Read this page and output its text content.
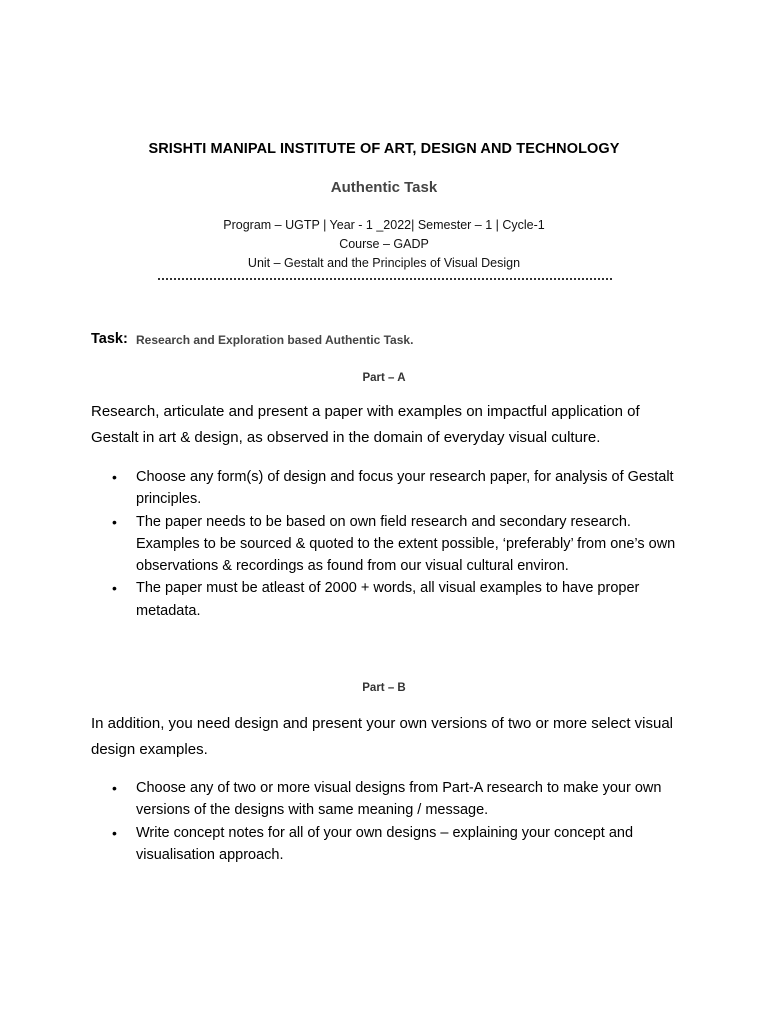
SRISHTI MANIPAL INSTITUTE OF ART, DESIGN AND TECHNOLOGY
Authentic Task
Program – UGTP | Year - 1 _2022| Semester – 1 | Cycle-1
Course – GADP
Unit – Gestalt and the Principles of Visual Design
Task: Research and Exploration based Authentic Task.
Part – A
Research, articulate and present a paper with examples on impactful application of Gestalt in art & design, as observed in the domain of everyday visual culture.
• Choose any form(s) of design and focus your research paper, for analysis of Gestalt principles.
• The paper needs to be based on own field research and secondary research. Examples to be sourced & quoted to the extent possible, ‘preferably’ from one’s own observations & recordings as found from our visual cultural environ.
• The paper must be atleast of 2000 + words, all visual examples to have proper metadata.
Part – B
In addition, you need design and present your own versions of two or more select visual design examples.
• Choose any of two or more visual designs from Part-A research to make your own versions of the designs with same meaning / message.
• Write concept notes for all of your own designs – explaining your concept and visualisation approach.
